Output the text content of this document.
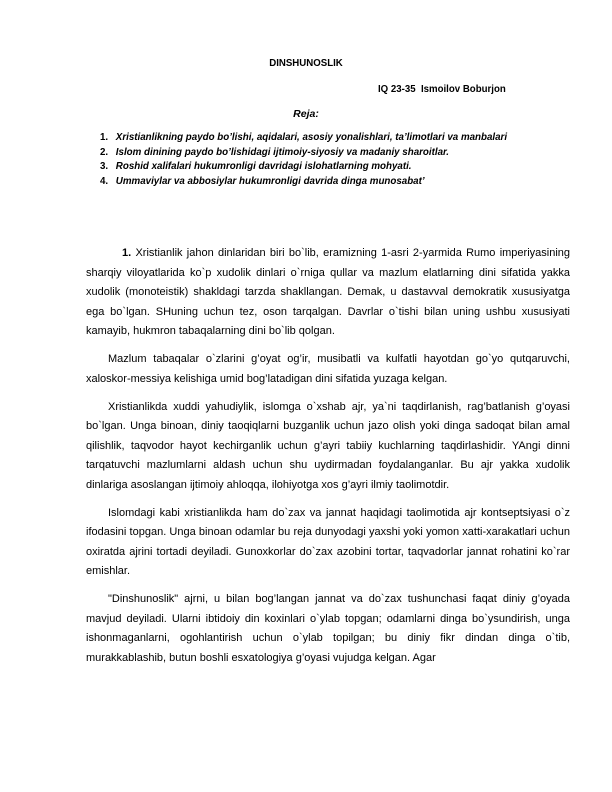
DINSHUNOSLIK
IQ 23-35  Ismoilov Boburjon
Reja:
1. Xristianlikning paydo bo’lishi, aqidalari, asosiy yonalishlari, ta’limotlari va manbalari
2. Islom dinining paydo bo’lishidagi ijtimoiy-siyosiy va madaniy sharoitlar.
3. Roshid xalifalari hukumronligi davridagi islohatlarning mohyati.
4. Ummaviylar va abbosiylar hukumronligi davrida dinga munosabat’

1. Xristianlik jahon dinlaridan biri bo`lib, eramizning 1-asri 2-yarmida Rumo imperiyasining sharqiy viloyatlarida ko`p xudolik dinlari o`rniga qullar va mazlum elatlarning dini sifatida yakka xudolik (monoteistik) shakldagi tarzda shakllangan. Demak, u dastavval demokratik xususiyatga ega bo`lgan. SHuning uchun tez, oson tarqalgan. Davrlar o`tishi bilan uning ushbu xususiyati kamayib, hukmron tabaqalarning dini bo`lib qolgan.

Mazlum tabaqalar o`zlarini g’oyat og’ir, musibatli va kulfatli hayotdan go`yo qutqaruvchi, xaloskor-messiya kelishiga umid bog’latadigan dini sifatida yuzaga kelgan.

Xristianlikda xuddi yahudiylik, islomga o`xshab ajr, ya`ni taqdirlanish, rag’batlanish g’oyasi bo`lgan. Unga binoan, diniy taoqiqlarni buzganlik uchun jazo olish yoki dinga sadoqat bilan amal qilishlik, taqvodor hayot kechirganlik uchun g’ayri tabiiy kuchlarning taqdirlashidir. YAngi dinni tarqatuvchi mazlumlarni aldash uchun shu uydirmadan foydalanganlar. Bu ajr yakka xudolik dinlariga asoslangan ijtimoiy ahloqqa, ilohiyotga xos g’ayri ilmiy taolimotdir.

Islomdagi kabi xristianlikda ham do`zax va jannat haqidagi taolimotida ajr kontseptsiyasi o`z ifodasini topgan. Unga binoan odamlar bu reja dunyodagi yaxshi yoki yomon xatti-xarakatlari uchun oxiratda ajrini tortadi deyiladi. Gunoxkorlar do`zax azobini tortar, taqvadorlar jannat rohatini ko`rar emishlar.

"Dinshunoslik" ajrni, u bilan bog’langan jannat va do`zax tushunchasi faqat diniy g’oyada mavjud deyiladi. Ularni ibtidoiy din koxinlari o`ylab topgan; odamlarni dinga bo`ysundirish, unga ishonmaganlarni, ogohlantirish uchun o`ylab topilgan; bu diniy fikr dindan dinga o`tib, murakkablashib, butun boshli esxatologiya g’oyasi vujudga kelgan. Agar
